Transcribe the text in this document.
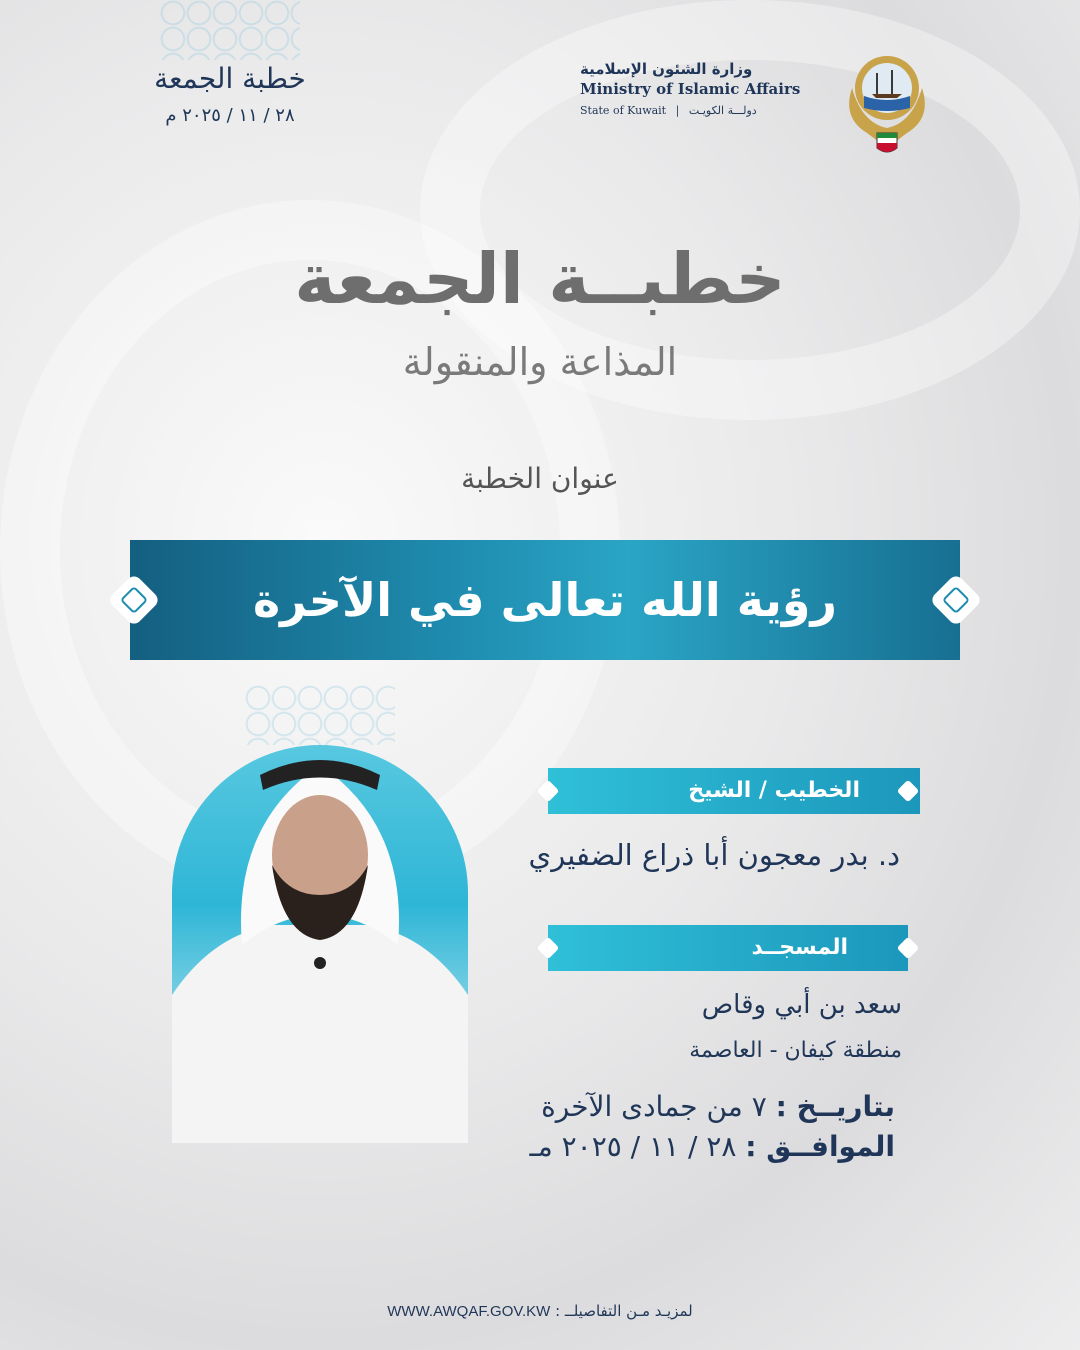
خطبة الجمعة
٢٨ / ١١ / ٢٠٢٥ م
وزارة الشئون الإسلامية
Ministry of Islamic Affairs
State of Kuwait | دولـــة الكويـت
خطبــة الجمعة
المذاعة والمنقولة
عنوان الخطبة
رؤية الله تعالى في الآخرة
الخطيب / الشيخ
د. بدر معجون أبا ذراع الضفيري
المسجــد
سعد بن أبي وقاص
منطقة كيفان - العاصمة
بتاريــخ : ٧ من جمادى الآخرة
الموافــق : ٢٨ / ١١ / ٢٠٢٥ مـ
لمزيـد مـن التفاصيلــ : WWW.AWQAF.GOV.KW
